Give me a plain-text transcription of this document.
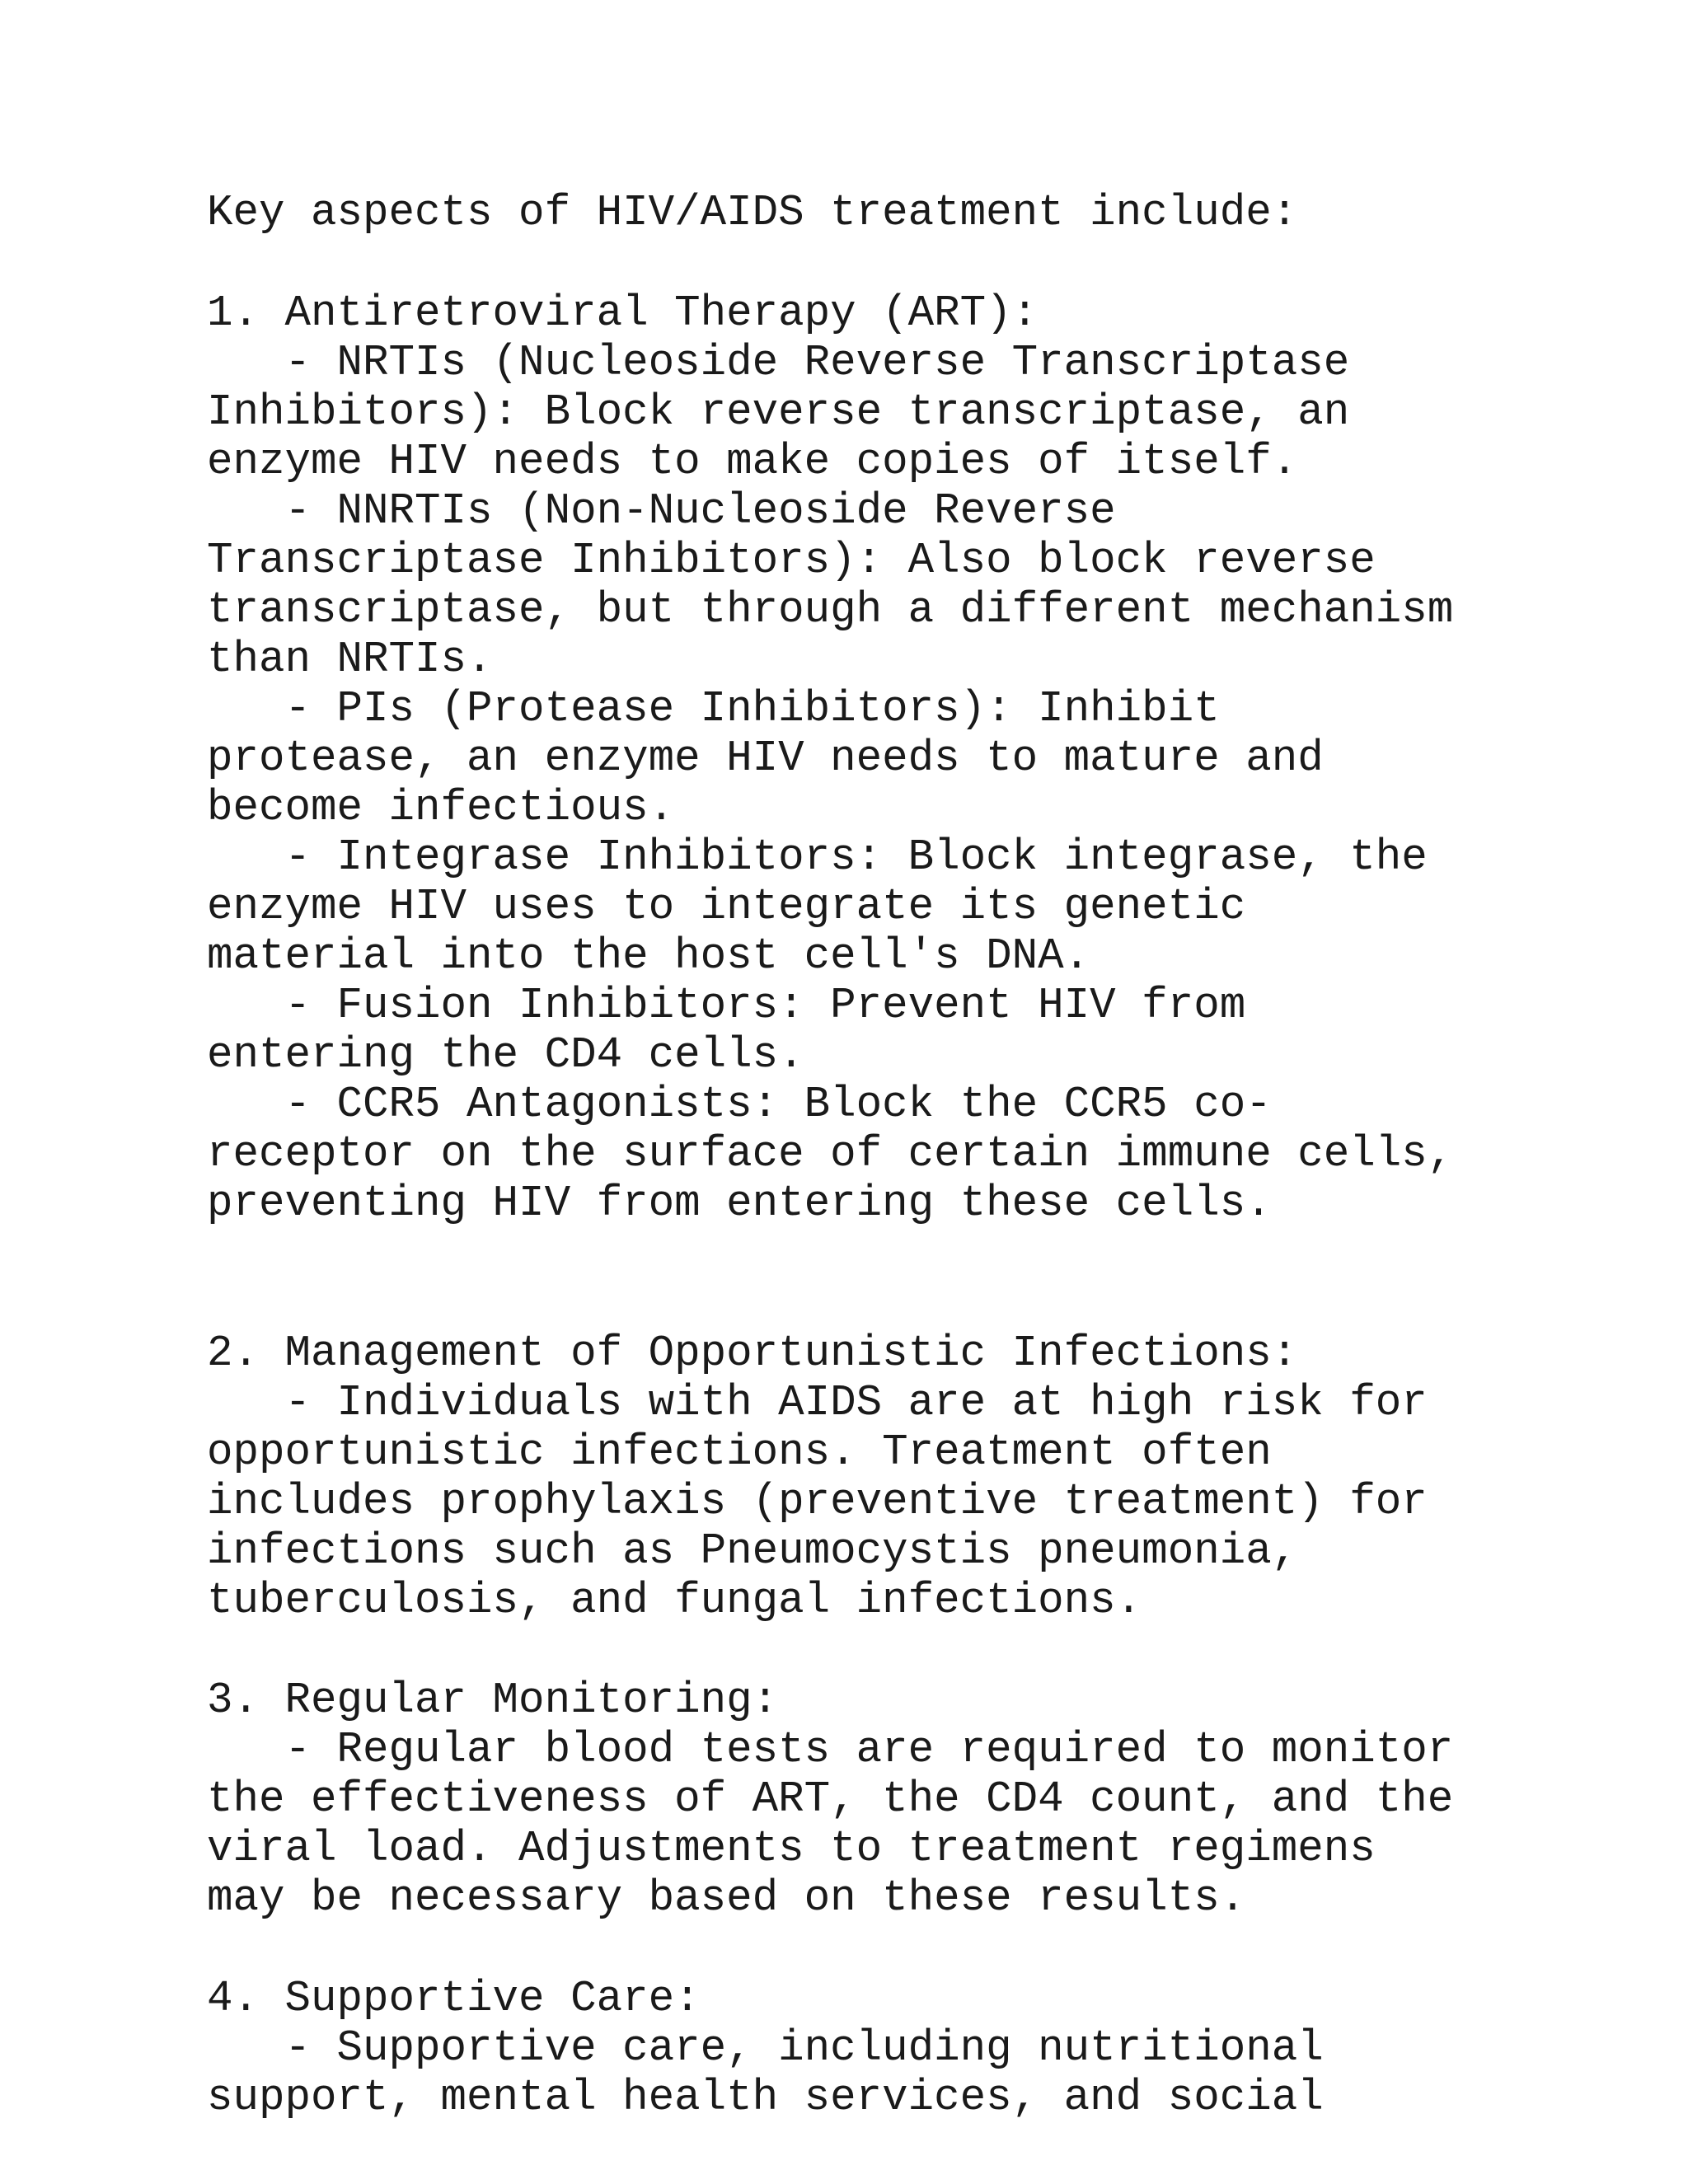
Key aspects of HIV/AIDS treatment include:

1. Antiretroviral Therapy (ART):

- NRTIs (Nucleoside Reverse Transcriptase

Inhibitors): Block reverse transcriptase, an

enzyme HIV needs to make copies of itself.

- NNRTIs (Non-Nucleoside Reverse

Transcriptase Inhibitors): Also block reverse

transcriptase, but through a different mechanism

than NRTIs.

- PIs (Protease Inhibitors): Inhibit

protease, an enzyme HIV needs to mature and

become infectious.

- Integrase Inhibitors: Block integrase, the

enzyme HIV uses to integrate its genetic

material into the host cell's DNA.

- Fusion Inhibitors: Prevent HIV from

entering the CD4 cells.

- CCR5 Antagonists: Block the CCR5 co-

receptor on the surface of certain immune cells,

preventing HIV from entering these cells.

2. Management of Opportunistic Infections:

- Individuals with AIDS are at high risk for

opportunistic infections. Treatment often

includes prophylaxis (preventive treatment) for

infections such as Pneumocystis pneumonia,

tuberculosis, and fungal infections.

3. Regular Monitoring:

- Regular blood tests are required to monitor

the effectiveness of ART, the CD4 count, and the

viral load. Adjustments to treatment regimens

may be necessary based on these results.

4. Supportive Care:

- Supportive care, including nutritional

support, mental health services, and social
